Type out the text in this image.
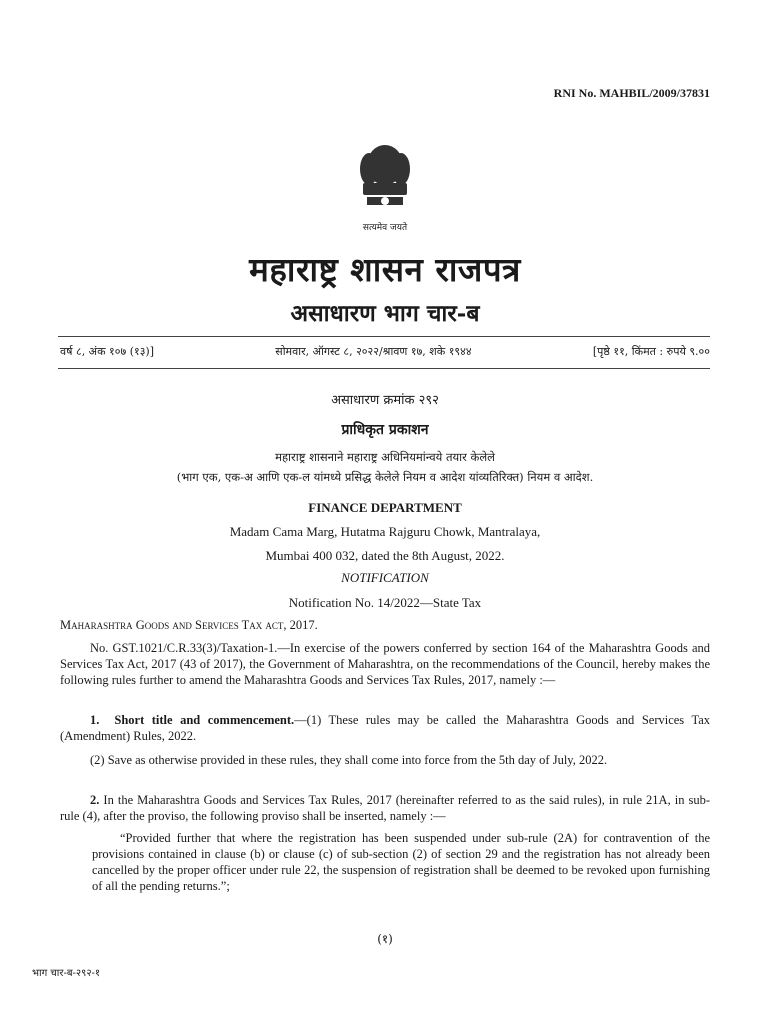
RNI No. MAHBIL/2009/37831
सत्यमेव जयते
महाराष्ट्र शासन राजपत्र
असाधारण भाग चार-ब
वर्ष ८, अंक १०७ (१३)]	सोमवार, ऑगस्ट ८, २०२२/श्रावण १७, शके १९४४	[पृष्ठे ११, किंमत : रुपये ९.००
असाधारण क्रमांक २९२
प्राधिकृत प्रकाशन
महाराष्ट्र शासनाने महाराष्ट्र अधिनियमांन्वये तयार केलेले
(भाग एक, एक-अ आणि एक-ल यांमध्ये प्रसिद्ध केलेले नियम व आदेश यांव्यतिरिक्त) नियम व आदेश.
FINANCE DEPARTMENT
Madam Cama Marg, Hutatma Rajguru Chowk, Mantralaya,
Mumbai 400 032, dated the 8th August, 2022.
NOTIFICATION
Notification No. 14/2022—State Tax
Maharashtra Goods and Services Tax act, 2017.
No. GST.1021/C.R.33(3)/Taxation-1.—In exercise of the powers conferred by section 164 of the Maharashtra Goods and Services Tax Act, 2017 (43 of 2017), the Government of Maharashtra, on the recommendations of the Council, hereby makes the following rules further to amend the Maharashtra Goods and Services Tax Rules, 2017, namely :—
1. Short title and commencement.—(1) These rules may be called the Maharashtra Goods and Services Tax (Amendment) Rules, 2022.
(2) Save as otherwise provided in these rules, they shall come into force from the 5th day of July, 2022.
2. In the Maharashtra Goods and Services Tax Rules, 2017 (hereinafter referred to as the said rules), in rule 21A, in sub-rule (4), after the proviso, the following proviso shall be inserted, namely :—
“Provided further that where the registration has been suspended under sub-rule (2A) for contravention of the provisions contained in clause (b) or clause (c) of sub-section (2) of section 29 and the registration has not already been cancelled by the proper officer under rule 22, the suspension of registration shall be deemed to be revoked upon furnishing of all the pending returns.”;
(१)
भाग चार-ब-२९२-१
